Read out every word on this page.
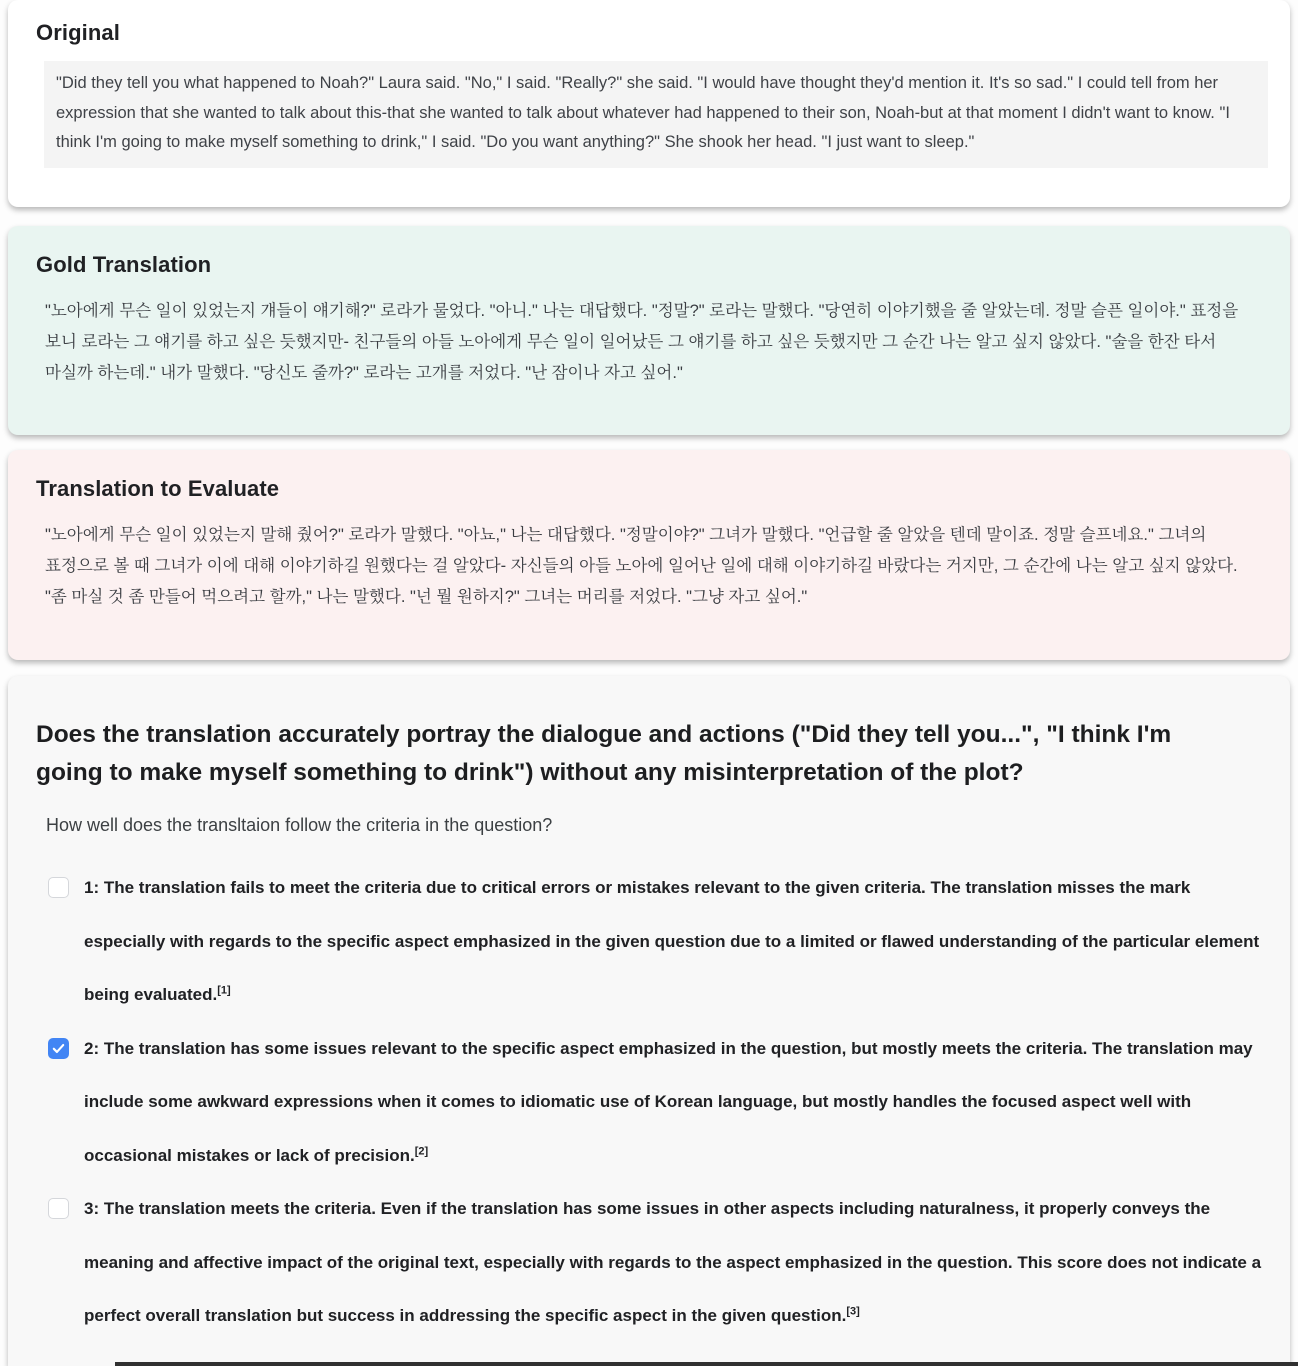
Original
"Did they tell you what happened to Noah?" Laura said. "No," I said. "Really?" she said. "I would have thought they'd mention it. It's so sad." I could tell from her expression that she wanted to talk about this-that she wanted to talk about whatever had happened to their son, Noah-but at that moment I didn't want to know. "I think I'm going to make myself something to drink," I said. "Do you want anything?" She shook her head. "I just want to sleep."
Gold Translation
"노아에게 무슨 일이 있었는지 걔들이 얘기해?" 로라가 물었다. "아니." 나는 대답했다. "정말?" 로라는 말했다. "당연히 이야기했을 줄 알았는데. 정말 슬픈 일이야." 표정을 보니 로라는 그 얘기를 하고 싶은 듯했지만- 친구들의 아들 노아에게 무슨 일이 일어났든 그 얘기를 하고 싶은 듯했지만 그 순간 나는 알고 싶지 않았다. "술을 한잔 타서 마실까 하는데." 내가 말했다. "당신도 줄까?" 로라는 고개를 저었다. "난 잠이나 자고 싶어."
Translation to Evaluate
"노아에게 무슨 일이 있었는지 말해 줬어?" 로라가 말했다. "아뇨," 나는 대답했다. "정말이야?" 그녀가 말했다. "언급할 줄 알았을 텐데 말이죠. 정말 슬프네요." 그녀의 표정으로 볼 때 그녀가 이에 대해 이야기하길 원했다는 걸 알았다- 자신들의 아들 노아에 일어난 일에 대해 이야기하길 바랐다는 거지만, 그 순간에 나는 알고 싶지 않았다. "좀 마실 것 좀 만들어 먹으려고 할까," 나는 말했다. "넌 뭘 원하지?" 그녀는 머리를 저었다. "그냥 자고 싶어."
Does the translation accurately portray the dialogue and actions ("Did they tell you...", "I think I'm going to make myself something to drink") without any misinterpretation of the plot?

How well does the transltaion follow the criteria in the question?

1: The translation fails to meet the criteria due to critical errors or mistakes relevant to the given criteria. The translation misses the mark especially with regards to the specific aspect emphasized in the given question due to a limited or flawed understanding of the particular element being evaluated.[1]

2: The translation has some issues relevant to the specific aspect emphasized in the question, but mostly meets the criteria. The translation may include some awkward expressions when it comes to idiomatic use of Korean language, but mostly handles the focused aspect well with occasional mistakes or lack of precision.[2]

3: The translation meets the criteria. Even if the translation has some issues in other aspects including naturalness, it properly conveys the meaning and affective impact of the original text, especially with regards to the aspect emphasized in the question. This score does not indicate a perfect overall translation but success in addressing the specific aspect in the given question.[3]
